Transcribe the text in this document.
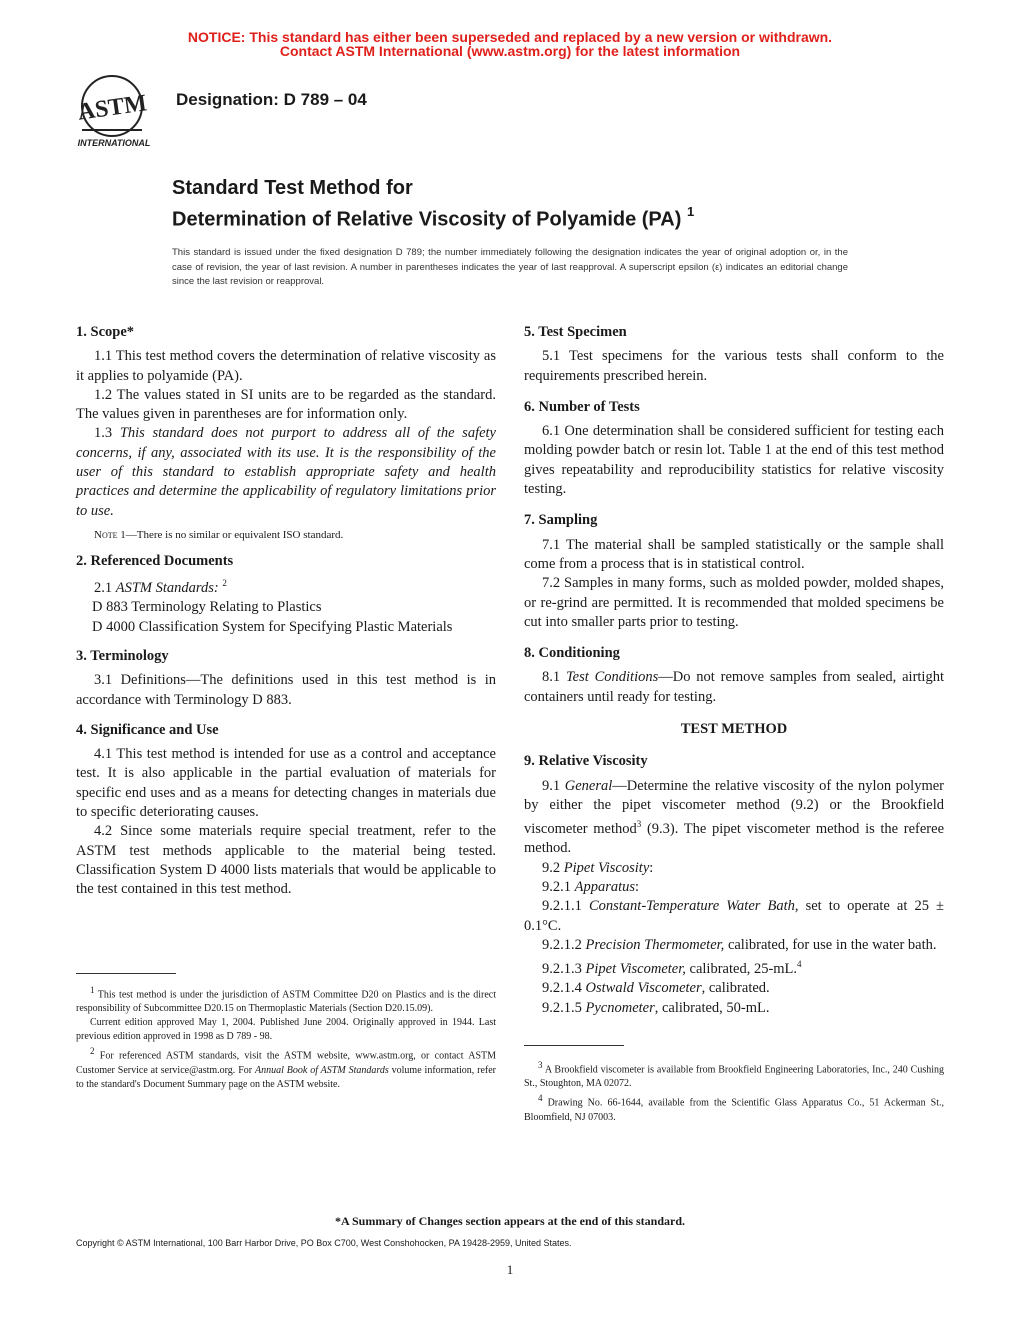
NOTICE: This standard has either been superseded and replaced by a new version or withdrawn.
Contact ASTM International (www.astm.org) for the latest information
ASTM
INTERNATIONAL
Designation: D 789 – 04
Standard Test Method for
Determination of Relative Viscosity of Polyamide (PA) $^1$
This standard is issued under the fixed designation D 789; the number immediately following the designation indicates the year of original adoption or, in the case of revision, the year of last revision. A number in parentheses indicates the year of last reapproval. A superscript epsilon (ε) indicates an editorial change since the last revision or reapproval.
1. Scope*

1.1 This test method covers the determination of relative viscosity as it applies to polyamide (PA).

1.2 The values stated in SI units are to be regarded as the standard. The values given in parentheses are for information only.

1.3 This standard does not purport to address all of the safety concerns, if any, associated with its use. It is the responsibility of the user of this standard to establish appropriate safety and health practices and determine the applicability of regulatory limitations prior to use.

Note 1—There is no similar or equivalent ISO standard.

2. Referenced Documents

2.1 ASTM Standards: $^2$

D 883 Terminology Relating to Plastics

D 4000 Classification System for Specifying Plastic Materials

3. Terminology

3.1 Definitions—The definitions used in this test method is in accordance with Terminology D 883.

4. Significance and Use

4.1 This test method is intended for use as a control and acceptance test. It is also applicable in the partial evaluation of materials for specific end uses and as a means for detecting changes in materials due to specific deteriorating causes.

4.2 Since some materials require special treatment, refer to the ASTM test methods applicable to the material being tested. Classification System D 4000 lists materials that would be applicable to the test contained in this test method.

$^1$ This test method is under the jurisdiction of ASTM Committee D20 on Plastics and is the direct responsibility of Subcommittee D20.15 on Thermoplastic Materials (Section D20.15.09).

Current edition approved May 1, 2004. Published June 2004. Originally approved in 1944. Last previous edition approved in 1998 as D 789 - 98.

$^2$ For referenced ASTM standards, visit the ASTM website, www.astm.org, or contact ASTM Customer Service at service@astm.org. For Annual Book of ASTM Standards volume information, refer to the standard's Document Summary page on the ASTM website.

5. Test Specimen

5.1 Test specimens for the various tests shall conform to the requirements prescribed herein.

6. Number of Tests

6.1 One determination shall be considered sufficient for testing each molding powder batch or resin lot. Table 1 at the end of this test method gives repeatability and reproducibility statistics for relative viscosity testing.

7. Sampling

7.1 The material shall be sampled statistically or the sample shall come from a process that is in statistical control.

7.2 Samples in many forms, such as molded powder, molded shapes, or re-grind are permitted. It is recommended that molded specimens be cut into smaller parts prior to testing.

8. Conditioning

8.1 Test Conditions—Do not remove samples from sealed, airtight containers until ready for testing.

TEST METHOD

9. Relative Viscosity

9.1 General—Determine the relative viscosity of the nylon polymer by either the pipet viscometer method (9.2) or the Brookfield viscometer method$^3$ (9.3). The pipet viscometer method is the referee method.

9.2 Pipet Viscosity:

9.2.1 Apparatus:

9.2.1.1 Constant-Temperature Water Bath, set to operate at 25 ± 0.1°C.

9.2.1.2 Precision Thermometer, calibrated, for use in the water bath.

9.2.1.3 Pipet Viscometer, calibrated, 25-mL.$^4$

9.2.1.4 Ostwald Viscometer, calibrated.

9.2.1.5 Pycnometer, calibrated, 50-mL.

$^3$ A Brookfield viscometer is available from Brookfield Engineering Laboratories, Inc., 240 Cushing St., Stoughton, MA 02072.

$^4$ Drawing No. 66-1644, available from the Scientific Glass Apparatus Co., 51 Ackerman St., Bloomfield, NJ 07003.

*A Summary of Changes section appears at the end of this standard.
Copyright © ASTM International, 100 Barr Harbor Drive, PO Box C700, West Conshohocken, PA 19428-2959, United States.
1
